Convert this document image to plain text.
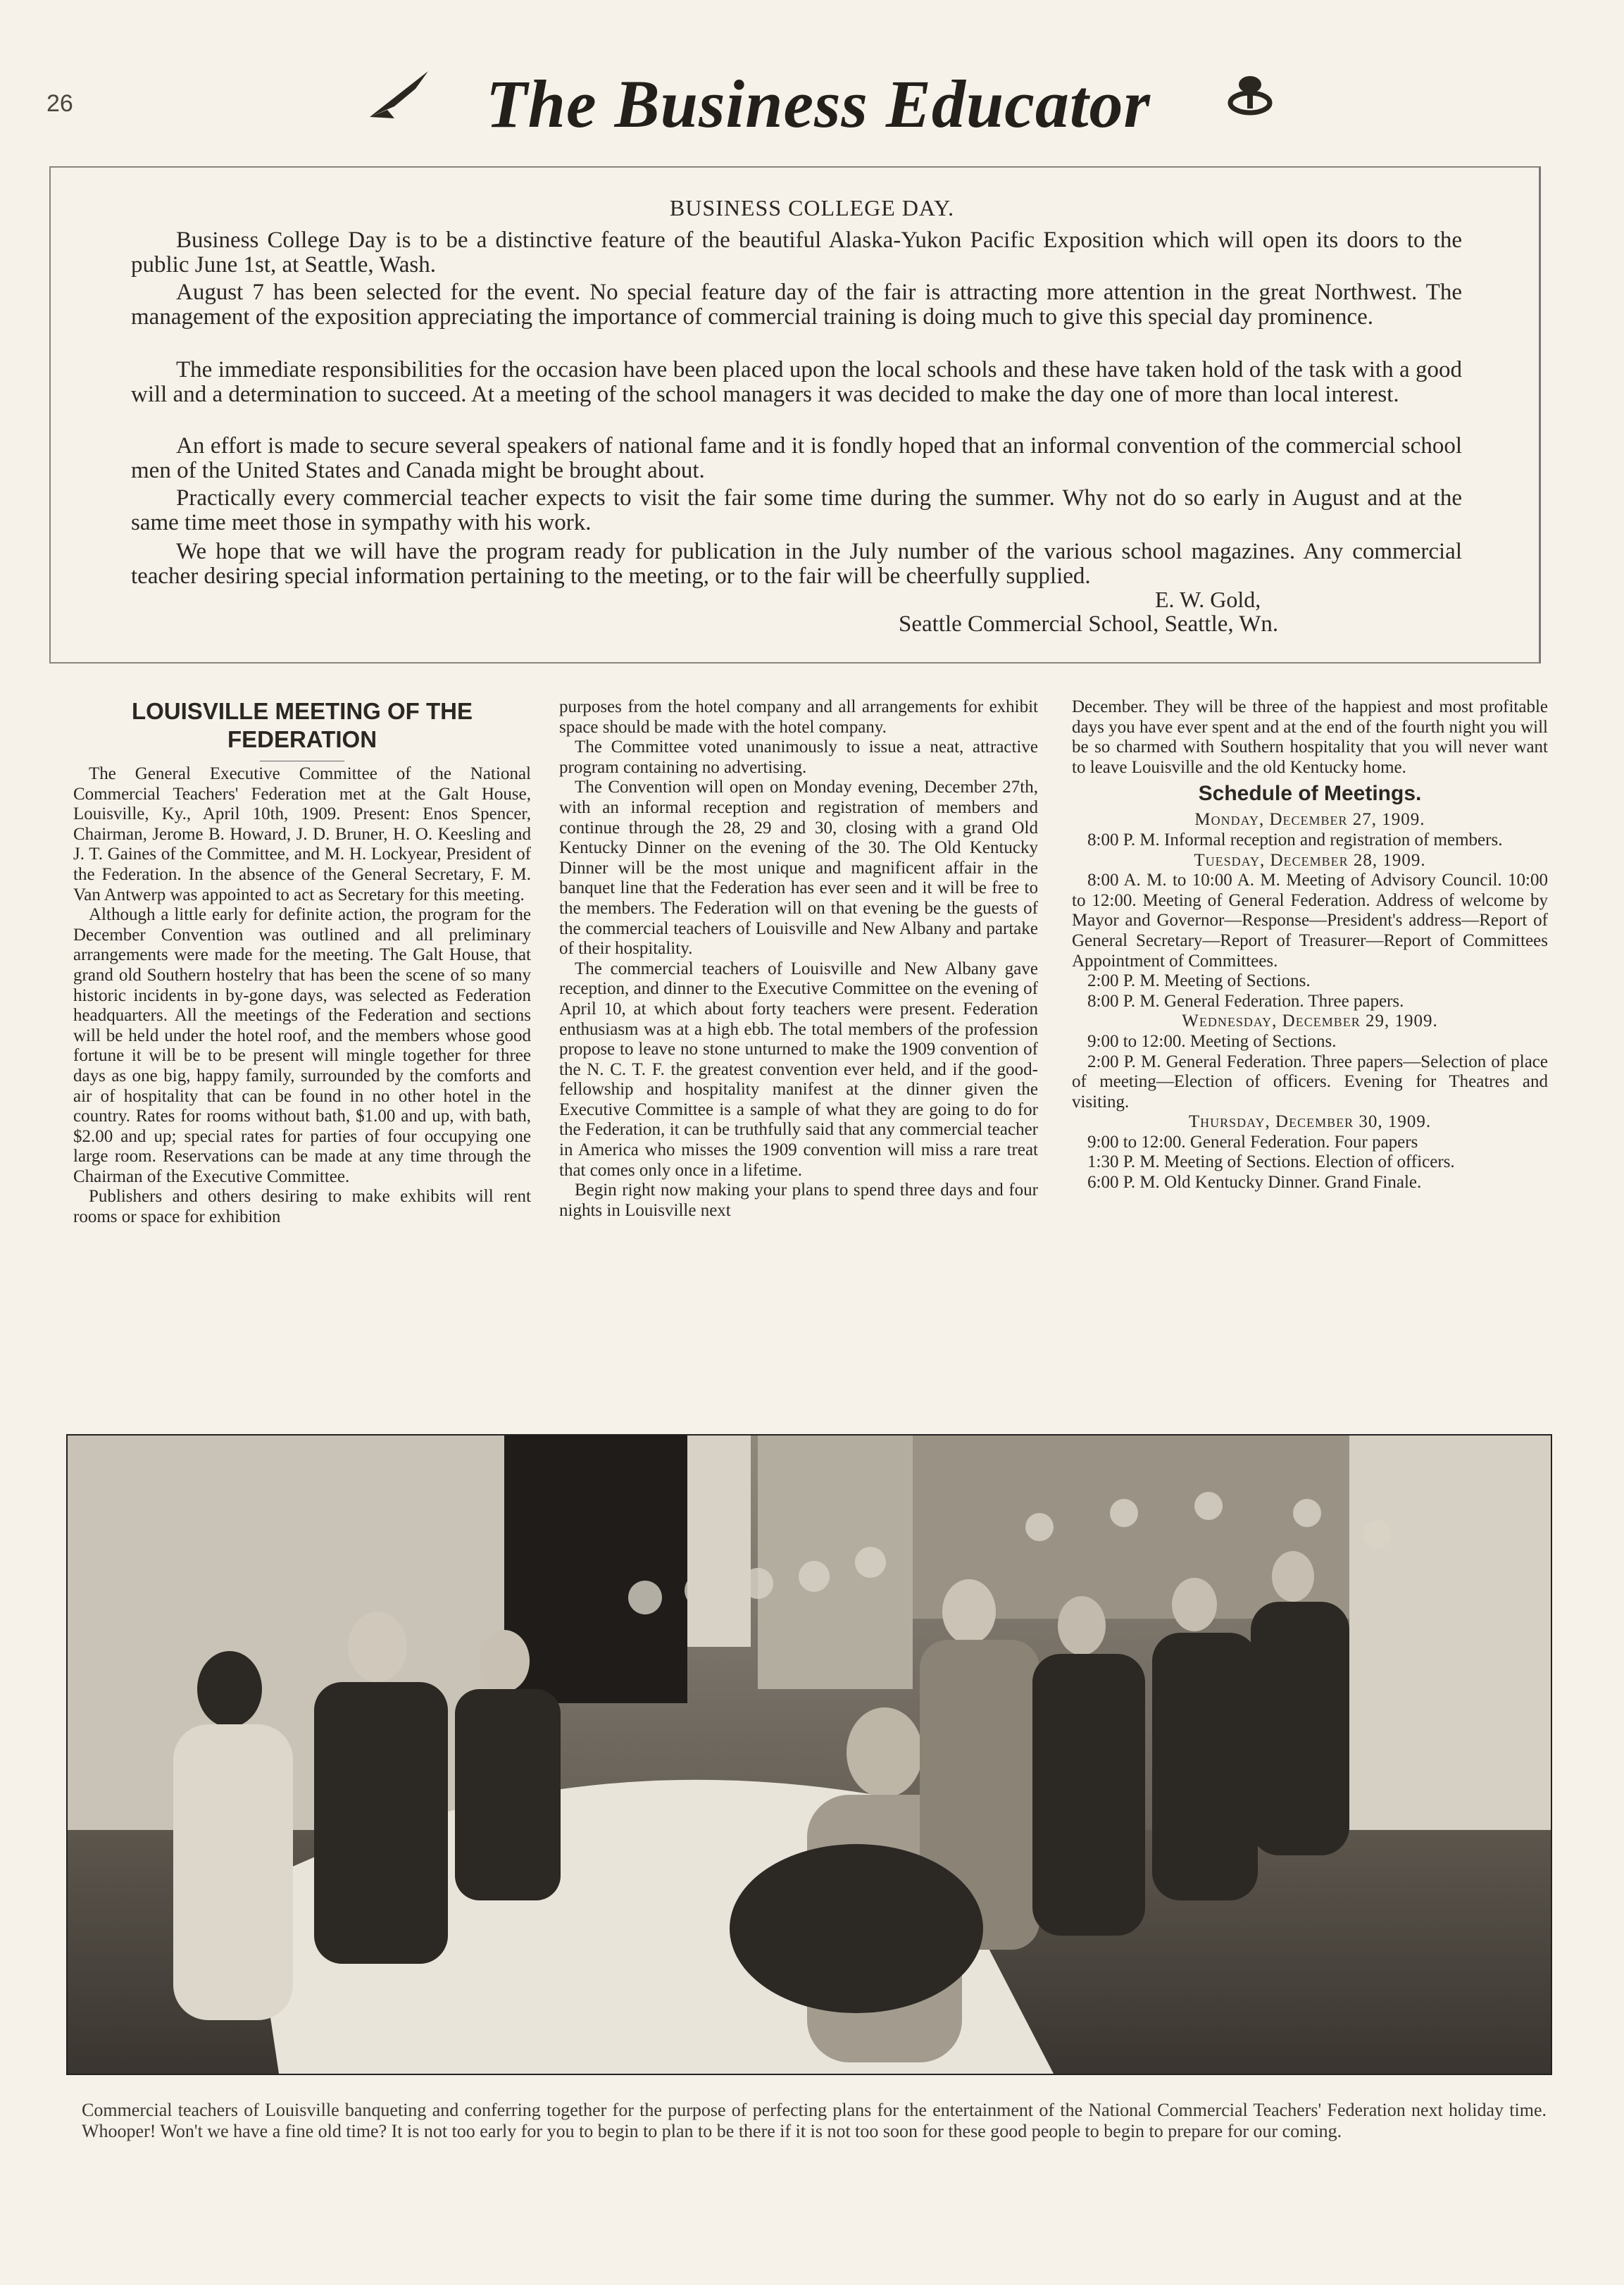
26	The Business Educator
BUSINESS COLLEGE DAY.

Business College Day is to be a distinctive feature of the beautiful Alaska-Yukon Pacific Exposition which will open its doors to the public June 1st, at Seattle, Wash.

August 7 has been selected for the event. No special feature day of the fair is attracting more attention in the great Northwest. The management of the exposition appreciating the importance of commercial training is doing much to give this special day prominence.

The immediate responsibilities for the occasion have been placed upon the local schools and these have taken hold of the task with a good will and a determination to succeed. At a meeting of the school managers it was decided to make the day one of more than local interest.

An effort is made to secure several speakers of national fame and it is fondly hoped that an informal convention of the commercial school men of the United States and Canada might be brought about.

Practically every commercial teacher expects to visit the fair some time during the summer. Why not do so early in August and at the same time meet those in sympathy with his work.

We hope that we will have the program ready for publication in the July number of the various school magazines. Any commercial teacher desiring special information pertaining to the meeting, or to the fair will be cheerfully supplied.

E. W. Gold,
Seattle Commercial School, Seattle, Wn.

LOUISVILLE MEETING OF THE FEDERATION

The General Executive Committee of the National Commercial Teachers' Federation met at the Galt House, Louisville, Ky., April 10th, 1909. Present: Enos Spencer, Chairman, Jerome B. Howard, J. D. Bruner, H. O. Keesling and J. T. Gaines of the Committee, and M. H. Lockyear, President of the Federation. In the absence of the General Secretary, F. M. Van Antwerp was appointed to act as Secretary for this meeting.

Although a little early for definite action, the program for the December Convention was outlined and all preliminary arrangements were made for the meeting. The Galt House, that grand old Southern hostelry that has been the scene of so many historic incidents in by-gone days, was selected as Federation headquarters. All the meetings of the Federation and sections will be held under the hotel roof, and the members whose good fortune it will be to be present will mingle together for three days as one big, happy family, surrounded by the comforts and air of hospitality that can be found in no other hotel in the country. Rates for rooms without bath, $1.00 and up, with bath, $2.00 and up; special rates for parties of four occupying one large room. Reservations can be made at any time through the Chairman of the Executive Committee.

Publishers and others desiring to make exhibits will rent rooms or space for exhibition

purposes from the hotel company and all arrangements for exhibit space should be made with the hotel company.

The Committee voted unanimously to issue a neat, attractive program containing no advertising.

The Convention will open on Monday evening, December 27th, with an informal reception and registration of members and continue through the 28, 29 and 30, closing with a grand Old Kentucky Dinner on the evening of the 30. The Old Kentucky Dinner will be the most unique and magnificent affair in the banquet line that the Federation has ever seen and it will be free to the members. The Federation will on that evening be the guests of the commercial teachers of Louisville and New Albany and partake of their hospitality.

The commercial teachers of Louisville and New Albany gave reception, and dinner to the Executive Committee on the evening of April 10, at which about forty teachers were present. Federation enthusiasm was at a high ebb. The total members of the profession propose to leave no stone unturned to make the 1909 convention of the N. C. T. F. the greatest convention ever held, and if the good-fellowship and hospitality manifest at the dinner given the Executive Committee is a sample of what they are going to do for the Federation, it can be truthfully said that any commercial teacher in America who misses the 1909 convention will miss a rare treat that comes only once in a lifetime.

Begin right now making your plans to spend three days and four nights in Louisville next

December. They will be three of the happiest and most profitable days you have ever spent and at the end of the fourth night you will be so charmed with Southern hospitality that you will never want to leave Louisville and the old Kentucky home.

Schedule of Meetings.

Monday, December 27, 1909.

8:00 P. M. Informal reception and registration of members.

Tuesday, December 28, 1909.

8:00 A. M. to 10:00 A. M. Meeting of Advisory Council. 10:00 to 12:00. Meeting of General Federation. Address of welcome by Mayor and Governor—Response—President's address—Report of General Secretary—Report of Treasurer—Report of Committees Appointment of Committees.

2:00 P. M. Meeting of Sections.

8:00 P. M. General Federation. Three papers.

Wednesday, December 29, 1909.

9:00 to 12:00. Meeting of Sections.

2:00 P. M. General Federation. Three papers—Selection of place of meeting—Election of officers. Evening for Theatres and visiting.

Thursday, December 30, 1909.

9:00 to 12:00. General Federation. Four papers

1:30 P. M. Meeting of Sections. Election of officers.

6:00 P. M. Old Kentucky Dinner. Grand Finale.

Commercial teachers of Louisville banqueting and conferring together for the purpose of perfecting plans for the entertainment of the National Commercial Teachers' Federation next holiday time. Whooper! Won't we have a fine old time? It is not too early for you to begin to plan to be there if it is not too soon for these good people to begin to prepare for our coming.
